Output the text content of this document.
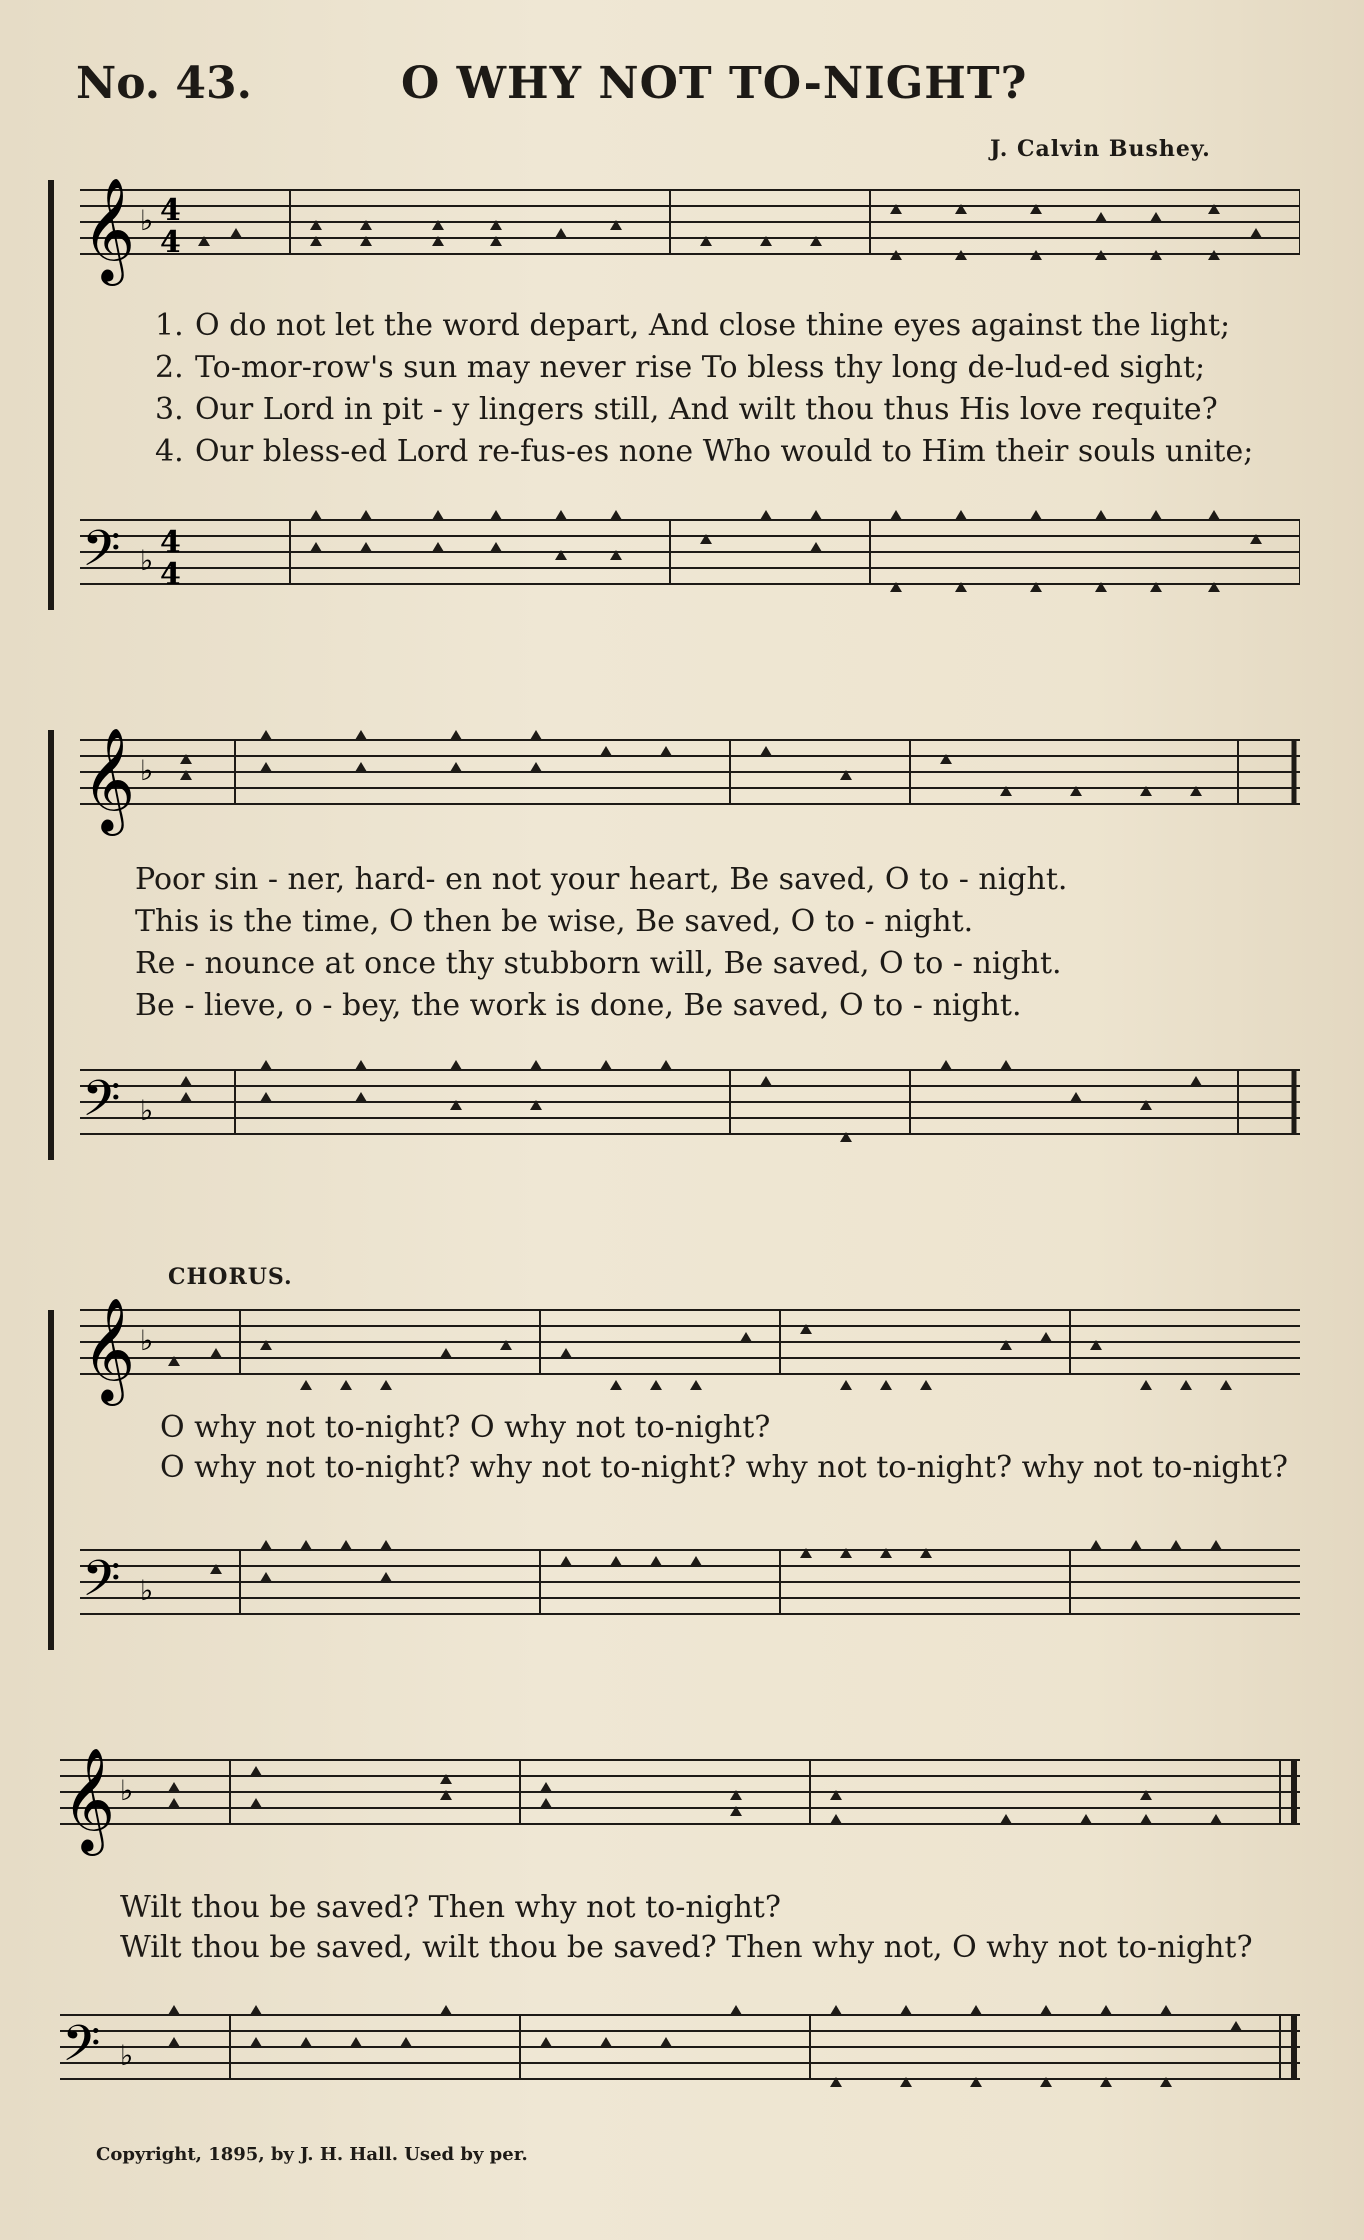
No. 43.	O WHY NOT TO-NIGHT?
J. Calvin Bushey.
𝄞 ♭ 4
4
1. O do not let the word depart, And close thine eyes against the light;
2. To-mor-row's sun may never rise To bless thy long de-lud-ed sight;
3. Our Lord in pit - y lingers still, And wilt thou thus His love requite?
4. Our bless-ed Lord re-fus-es none Who would to Him their souls unite;
𝄢 ♭
4
4
𝄞 ♭
Poor sin - ner, hard- en not your heart, Be saved, O to - night.
This is the time, O then be wise, Be saved, O to - night.
Re - nounce at once thy stubborn will, Be saved, O to - night.
Be - lieve, o - bey, the work is done, Be saved, O to - night.
𝄢 ♭
CHORUS.
𝄞 ♭
O why not to-night? O why not to-night?
O why not to-night? why not to-night? why not to-night? why not to-night?
𝄢 ♭
𝄞 ♭
Wilt thou be saved? Then why not to-night?
Wilt thou be saved, wilt thou be saved? Then why not, O why not to-night?
𝄢 ♭
Copyright, 1895, by J. H. Hall. Used by per.
